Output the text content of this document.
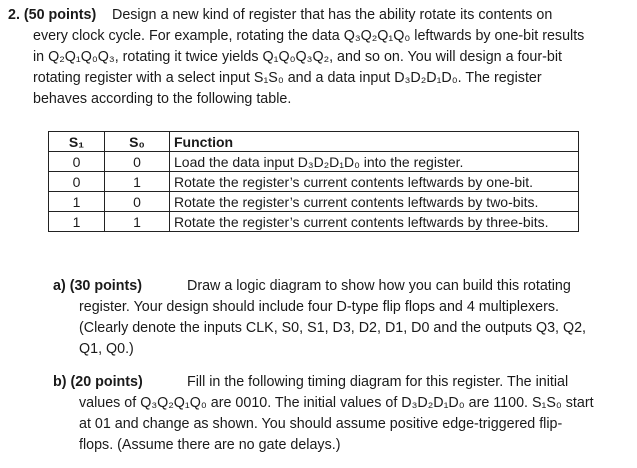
2. (50 points) Design a new kind of register that has the ability rotate its contents on
every clock cycle. For example, rotating the data Q₃Q₂Q₁Q₀ leftwards by one-bit results
in Q₂Q₁Q₀Q₃, rotating it twice yields Q₁Q₀Q₃Q₂, and so on. You will design a four-bit
rotating register with a select input S₁S₀ and a data input D₃D₂D₁D₀. The register
behaves according to the following table.
S₁	S₀	Function
0	0	Load the data input D₃D₂D₁D₀ into the register.
0	1	Rotate the register’s current contents leftwards by one-bit.
1	0	Rotate the register’s current contents leftwards by two-bits.
1	1	Rotate the register’s current contents leftwards by three-bits.
a) (30 points)	Draw a logic diagram to show how you can build this rotating
register. Your design should include four D-type flip flops and 4 multiplexers.
(Clearly denote the inputs CLK, S0, S1, D3, D2, D1, D0 and the outputs Q3, Q2,
Q1, Q0.)
b) (20 points)	Fill in the following timing diagram for this register. The initial
values of Q₃Q₂Q₁Q₀ are 0010. The initial values of D₃D₂D₁D₀ are 1100. S₁S₀ start
at 01 and change as shown. You should assume positive edge-triggered flip-
flops. (Assume there are no gate delays.)
